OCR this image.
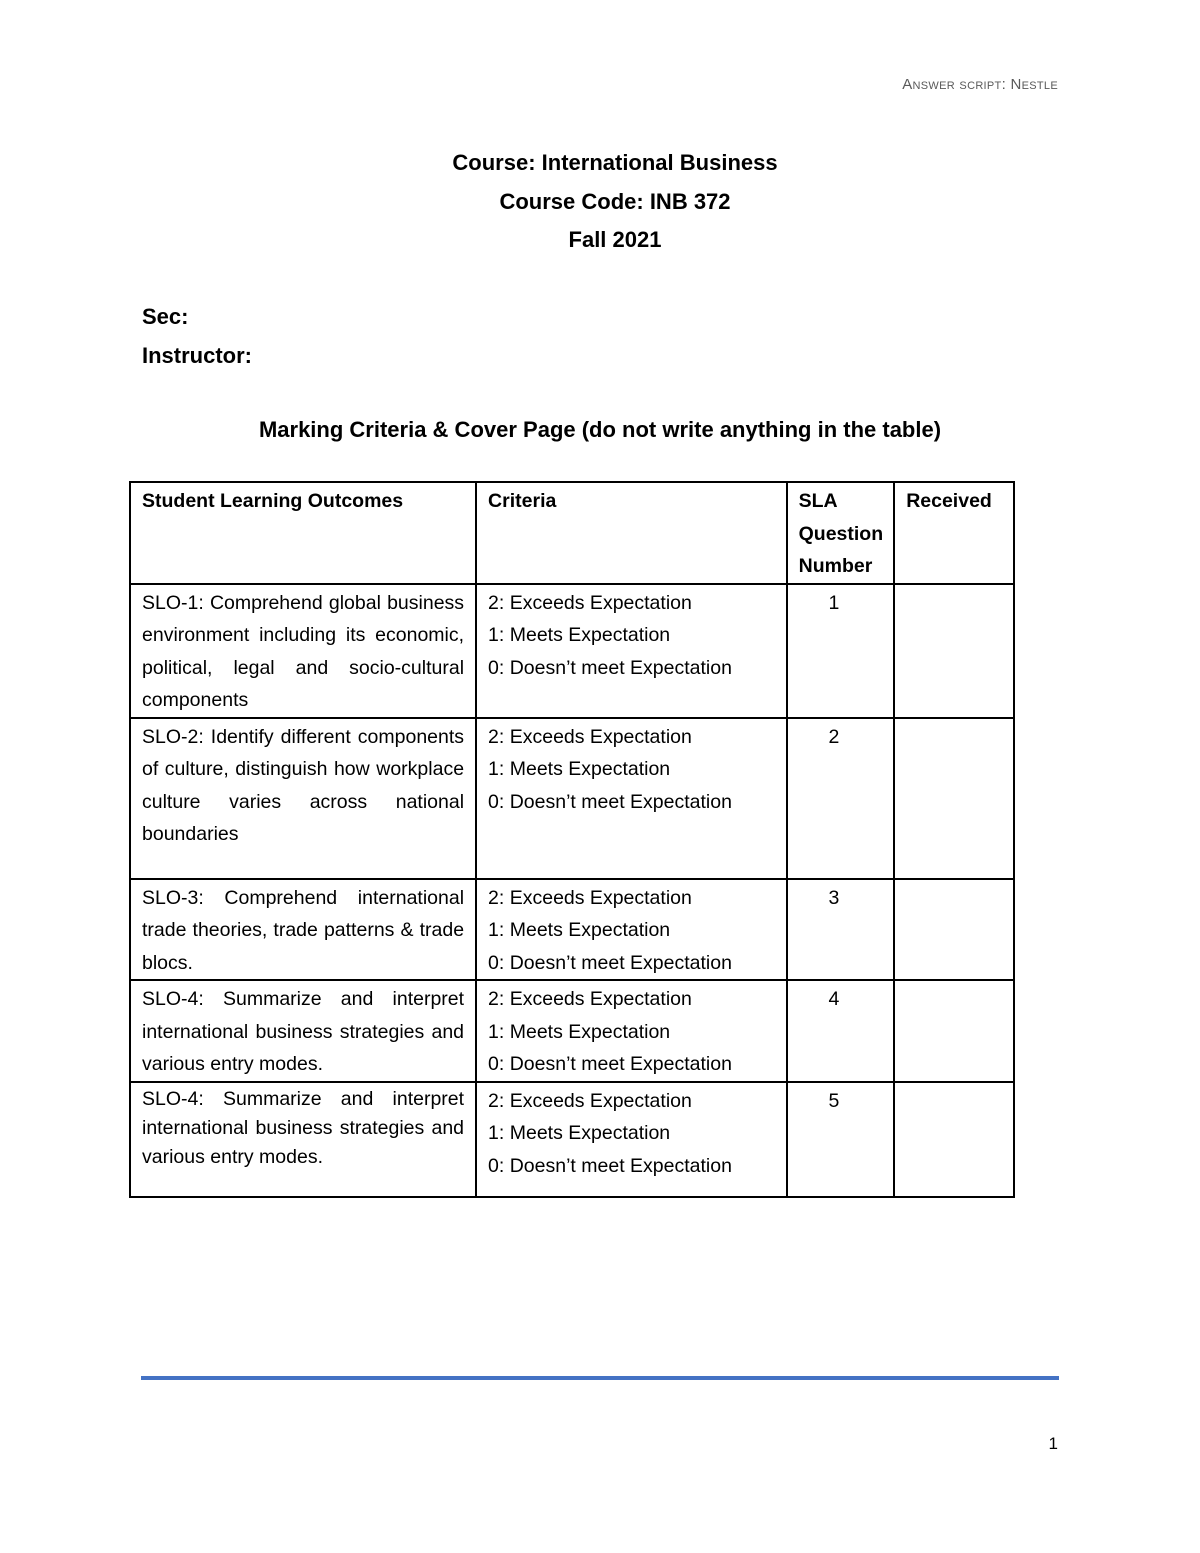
Answer script: Nestle
Course: International Business
Course Code: INB 372
Fall 2021
Sec:
Instructor:
Marking Criteria & Cover Page (do not write anything in the table)
Student Learning Outcomes	Criteria	SLA Question Number	Received
SLO-1: Comprehend global business environment including its economic, political, legal and socio-cultural components	2: Exceeds Expectation
1: Meets Expectation
0: Doesn’t meet Expectation	1	
SLO-2: Identify different components of culture, distinguish how workplace culture varies across national boundaries	2: Exceeds Expectation
1: Meets Expectation
0: Doesn’t meet Expectation	2	
SLO-3: Comprehend international trade theories, trade patterns & trade blocs.	2: Exceeds Expectation
1: Meets Expectation
0: Doesn’t meet Expectation	3	
SLO-4: Summarize and interpret international business strategies and various entry modes.	2: Exceeds Expectation
1: Meets Expectation
0: Doesn’t meet Expectation	4	
SLO-4: Summarize and interpret international business strategies and various entry modes.	2: Exceeds Expectation
1: Meets Expectation
0: Doesn’t meet Expectation	5	
1
